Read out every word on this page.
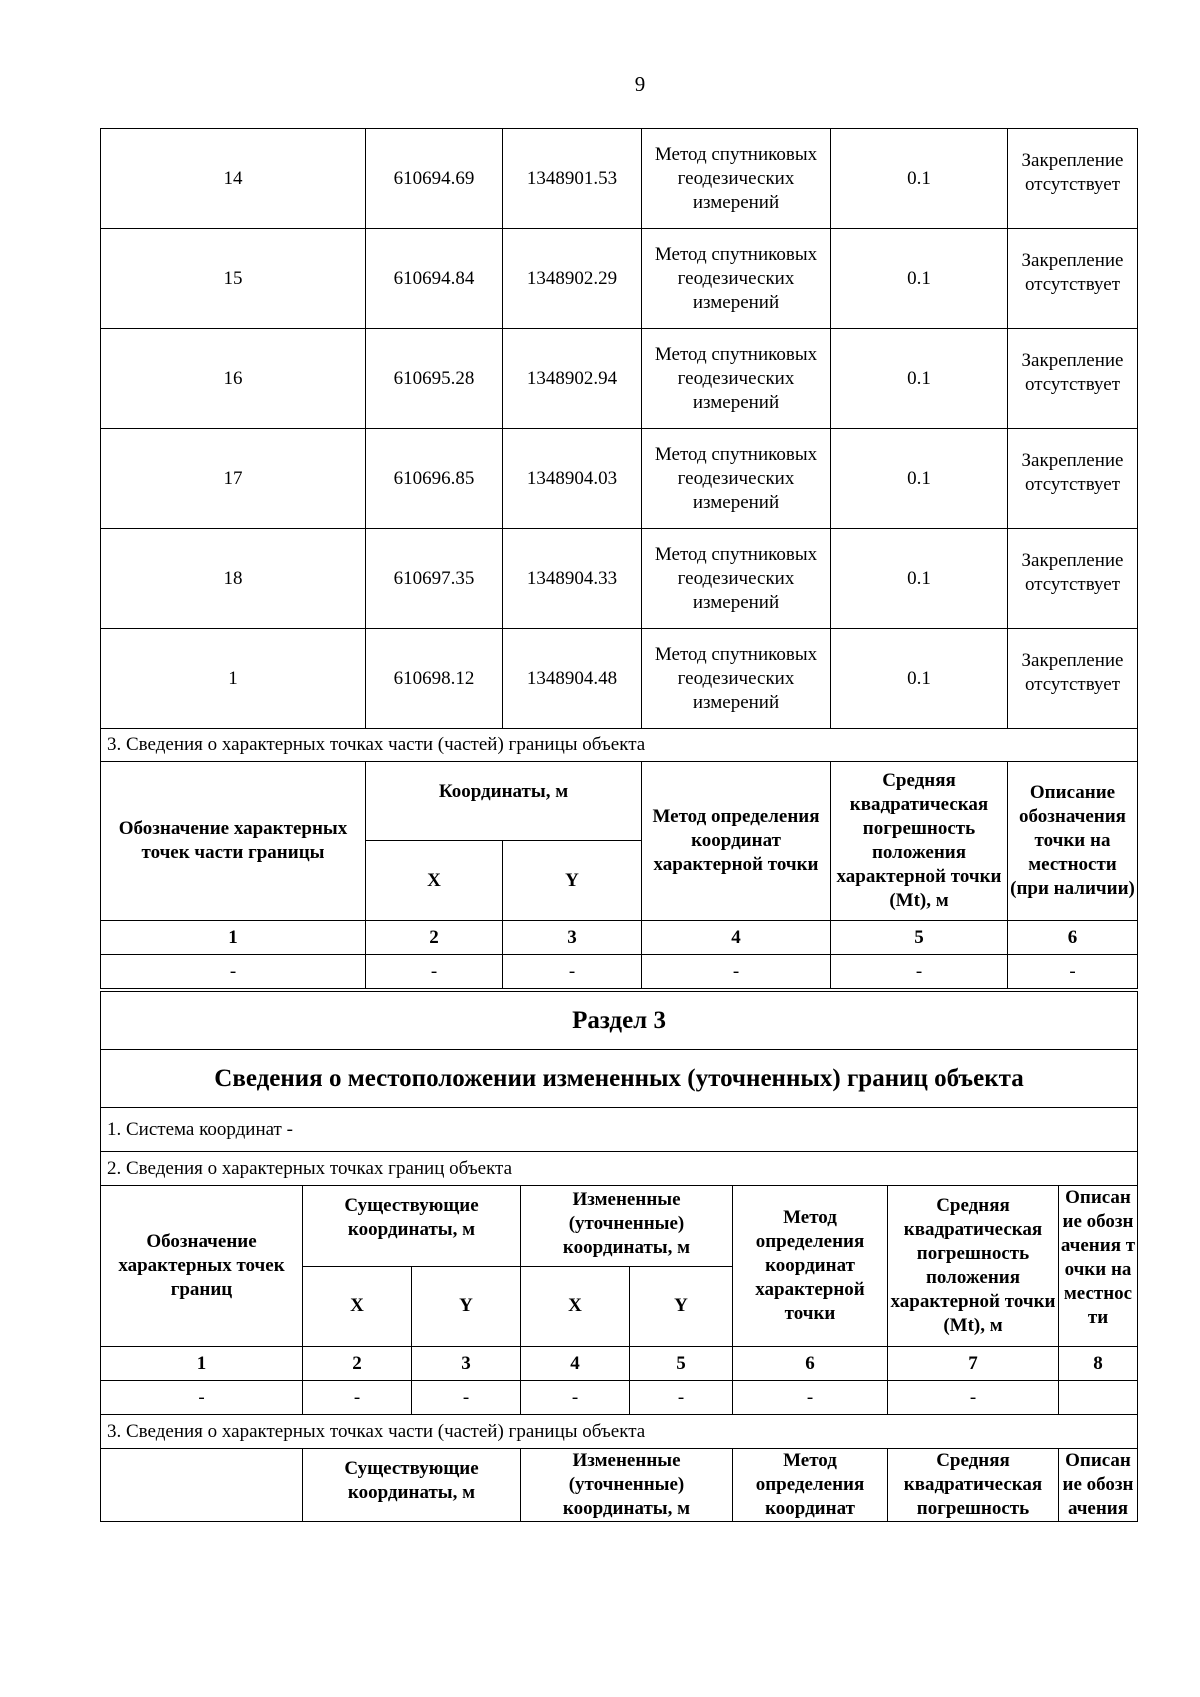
9
14	610694.69	1348901.53	Метод спутниковых геодезических измерений	0.1	Закрепление отсутствует
15	610694.84	1348902.29	Метод спутниковых геодезических измерений	0.1	Закрепление отсутствует
16	610695.28	1348902.94	Метод спутниковых геодезических измерений	0.1	Закрепление отсутствует
17	610696.85	1348904.03	Метод спутниковых геодезических измерений	0.1	Закрепление отсутствует
18	610697.35	1348904.33	Метод спутниковых геодезических измерений	0.1	Закрепление отсутствует
1	610698.12	1348904.48	Метод спутниковых геодезических измерений	0.1	Закрепление отсутствует
3. Сведения о характерных точках части (частей) границы объекта					
Обозначение характерных точек части границы	Координаты, м		Метод определения координат характерной точки	Средняя квадратическая погрешность положения характерной точки (Mt), м	Описание обозначения точки на местности (при наличии)
	X	Y			
1	2	3	4	5	6
-	-	-	-	-	-
Раздел 3							
Сведения о местоположении измененных (уточненных) границ объекта							
1. Система координат -							
2. Сведения о характерных точках границ объекта							
Обозначение характерных точек границ	Существующие координаты, м		Измененные (уточненные) координаты, м		Метод определения координат характерной точки	Средняя квадратическая погрешность положения характерной точки (Mt), м	Описание обозначения точки на местности

	X	Y	X	Y			
1	2	3	4	5	6	7	8
-	-	-	-	-	-	-	
3. Сведения о характерных точках части (частей) границы объекта							
	Существующие координаты, м		Измененные (уточненные) координаты, м		Метод определения координат	Средняя квадратическая погрешность	Описание обозначения
